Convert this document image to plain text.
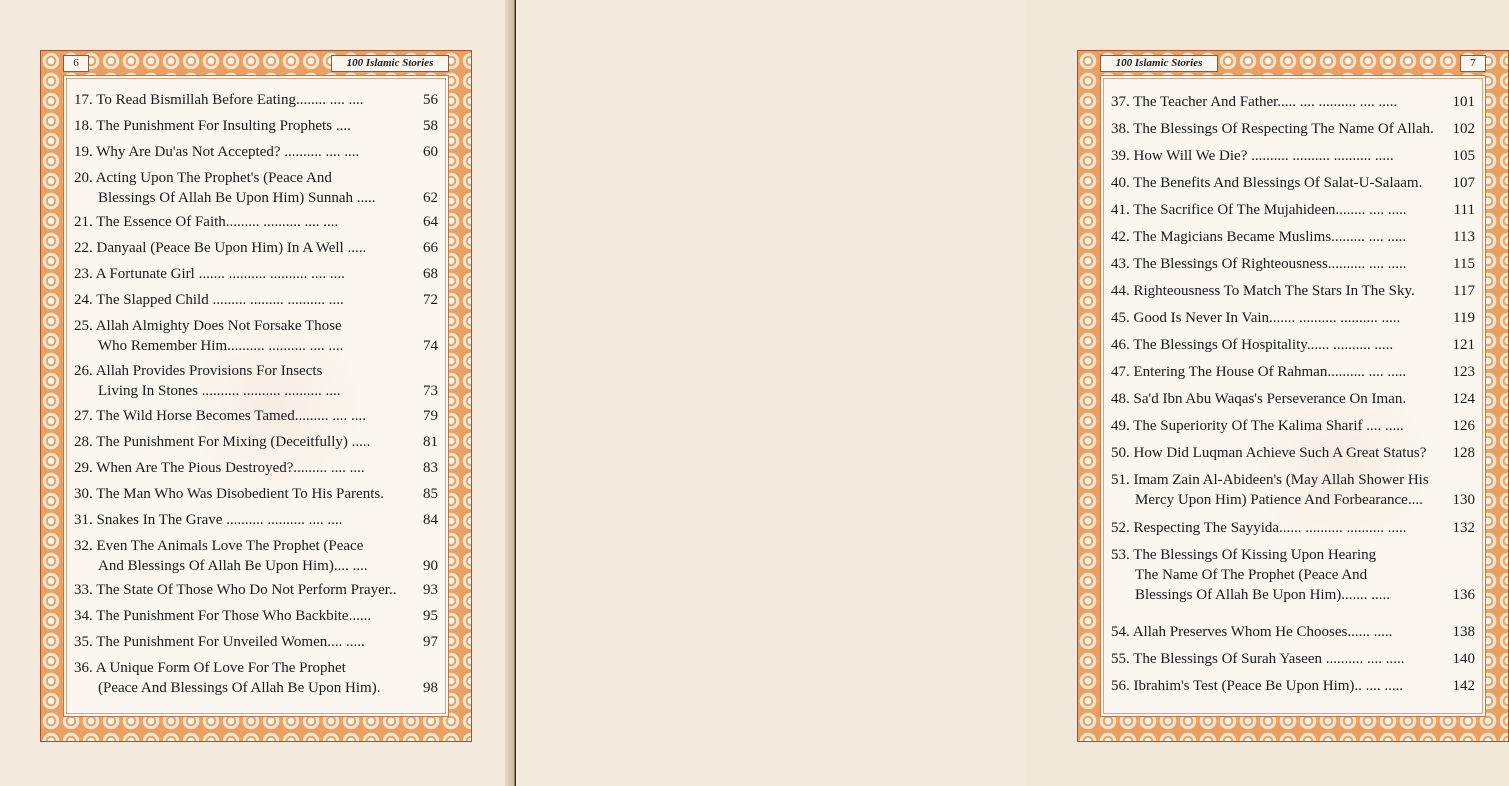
6	100 Islamic Stories
17. To Read Bismillah Before Eating........ .... ....	56
18. The Punishment For Insulting Prophets ....	58
19. Why Are Du'as Not Accepted? .......... .... ....	60
20. Acting Upon The Prophet's (Peace And
Blessings Of Allah Be Upon Him) Sunnah .....	62
21. The Essence Of Faith......... .......... .... ....	64
22. Danyaal (Peace Be Upon Him) In A Well .....	66
23. A Fortunate Girl ....... .......... .......... .... ....	68
24. The Slapped Child ......... ......... .......... ....	72
25. Allah Almighty Does Not Forsake Those
Who Remember Him.......... .......... .... ....	74
26. Allah Provides Provisions For Insects
Living In Stones .......... .......... .......... ....	73
27. The Wild Horse Becomes Tamed......... .... ....	79
28. The Punishment For Mixing (Deceitfully) .....	81
29. When Are The Pious Destroyed?......... .... ....	83
30. The Man Who Was Disobedient To His Parents.	85
31. Snakes In The Grave .......... .......... .... ....	84
32. Even The Animals Love The Prophet (Peace
And Blessings Of Allah Be Upon Him).... ....	90
33. The State Of Those Who Do Not Perform Prayer..	93
34. The Punishment For Those Who Backbite......	95
35. The Punishment For Unveiled Women.... .....	97
36. A Unique Form Of Love For The Prophet
(Peace And Blessings Of Allah Be Upon Him).	98
100 Islamic Stories	7
37. The Teacher And Father..... .... .......... .... .....	101
38. The Blessings Of Respecting The Name Of Allah.	102
39. How Will We Die? .......... .......... .......... .....	105
40. The Benefits And Blessings Of Salat-U-Salaam.	107
41. The Sacrifice Of The Mujahideen........ .... .....	111
42. The Magicians Became Muslims......... .... .....	113
43. The Blessings Of Righteousness.......... .... .....	115
44. Righteousness To Match The Stars In The Sky.	117
45. Good Is Never In Vain....... .......... .......... .....	119
46. The Blessings Of Hospitality...... .......... .....	121
47. Entering The House Of Rahman.......... .... .....	123
48. Sa'd Ibn Abu Waqas's Perseverance On Iman.	124
49. The Superiority Of The Kalima Sharif .... .....	126
50. How Did Luqman Achieve Such A Great Status?	128
51. Imam Zain Al-Abideen's (May Allah Shower His
Mercy Upon Him) Patience And Forbearance....	130
52. Respecting The Sayyida...... .......... .......... .....	132
53. The Blessings Of Kissing Upon Hearing
The Name Of The Prophet (Peace And
Blessings Of Allah Be Upon Him)....... .....	136
54. Allah Preserves Whom He Chooses...... .....	138
55. The Blessings Of Surah Yaseen .......... .... .....	140
56. Ibrahim's Test (Peace Be Upon Him).. .... .....	142
